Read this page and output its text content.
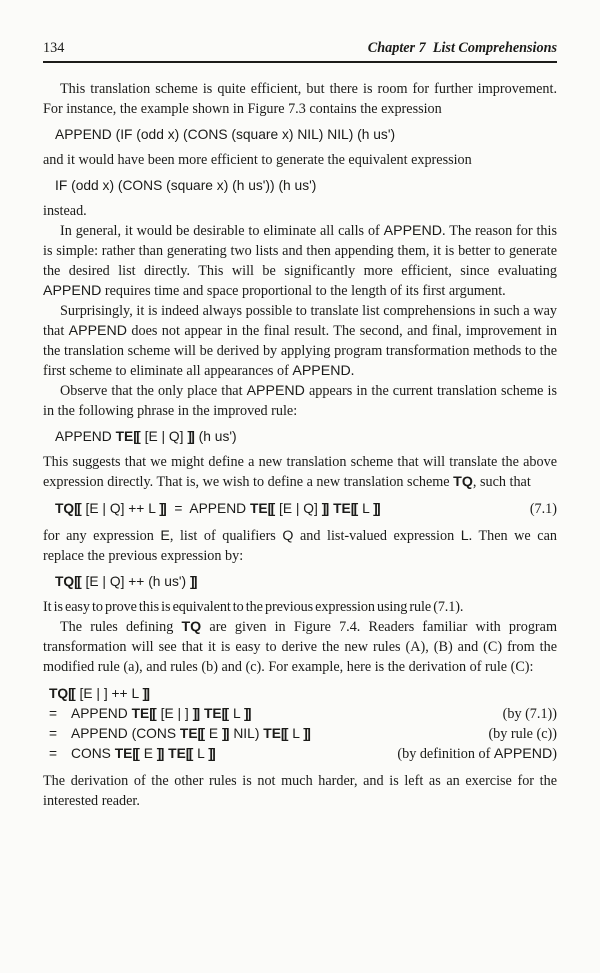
134	Chapter 7  List Comprehensions

This translation scheme is quite efficient, but there is room for further improvement. For instance, the example shown in Figure 7.3 contains the expression

APPEND (IF (odd x) (CONS (square x) NIL) NIL) (h us')

and it would have been more efficient to generate the equivalent expression

IF (odd x) (CONS (square x) (h us')) (h us')

instead.

In general, it would be desirable to eliminate all calls of APPEND. The reason for this is simple: rather than generating two lists and then appending them, it is better to generate the desired list directly. This will be significantly more efficient, since evaluating APPEND requires time and space proportional to the length of its first argument.

Surprisingly, it is indeed always possible to translate list comprehensions in such a way that APPEND does not appear in the final result. The second, and final, improvement in the translation scheme will be derived by applying program transformation methods to the first scheme to eliminate all appearances of APPEND.

Observe that the only place that APPEND appears in the current translation scheme is in the following phrase in the improved rule:

APPEND TE[[ [E | Q] ]] (h us')

This suggests that we might define a new translation scheme that will translate the above expression directly. That is, we wish to define a new translation scheme TQ, such that

TQ[[ [E | Q] ++ L ]]  =  APPEND TE[[ [E | Q] ]] TE[[ L ]]	(7.1)

for any expression E, list of qualifiers Q and list-valued expression L. Then we can replace the previous expression by:

TQ[[ [E | Q] ++ (h us') ]]

It is easy to prove this is equivalent to the previous expression using rule (7.1).

The rules defining TQ are given in Figure 7.4. Readers familiar with program transformation will see that it is easy to derive the new rules (A), (B) and (C) from the modified rule (a), and rules (b) and (c). For example, here is the derivation of rule (C):

TQ[[ [E | ] ++ L ]]
=	APPEND TE[[ [E | ] ]] TE[[ L ]]	(by (7.1))
=	APPEND (CONS TE[[ E ]] NIL) TE[[ L ]]	(by rule (c))
=	CONS TE[[ E ]] TE[[ L ]]	(by definition of APPEND)

The derivation of the other rules is not much harder, and is left as an exercise for the interested reader.
